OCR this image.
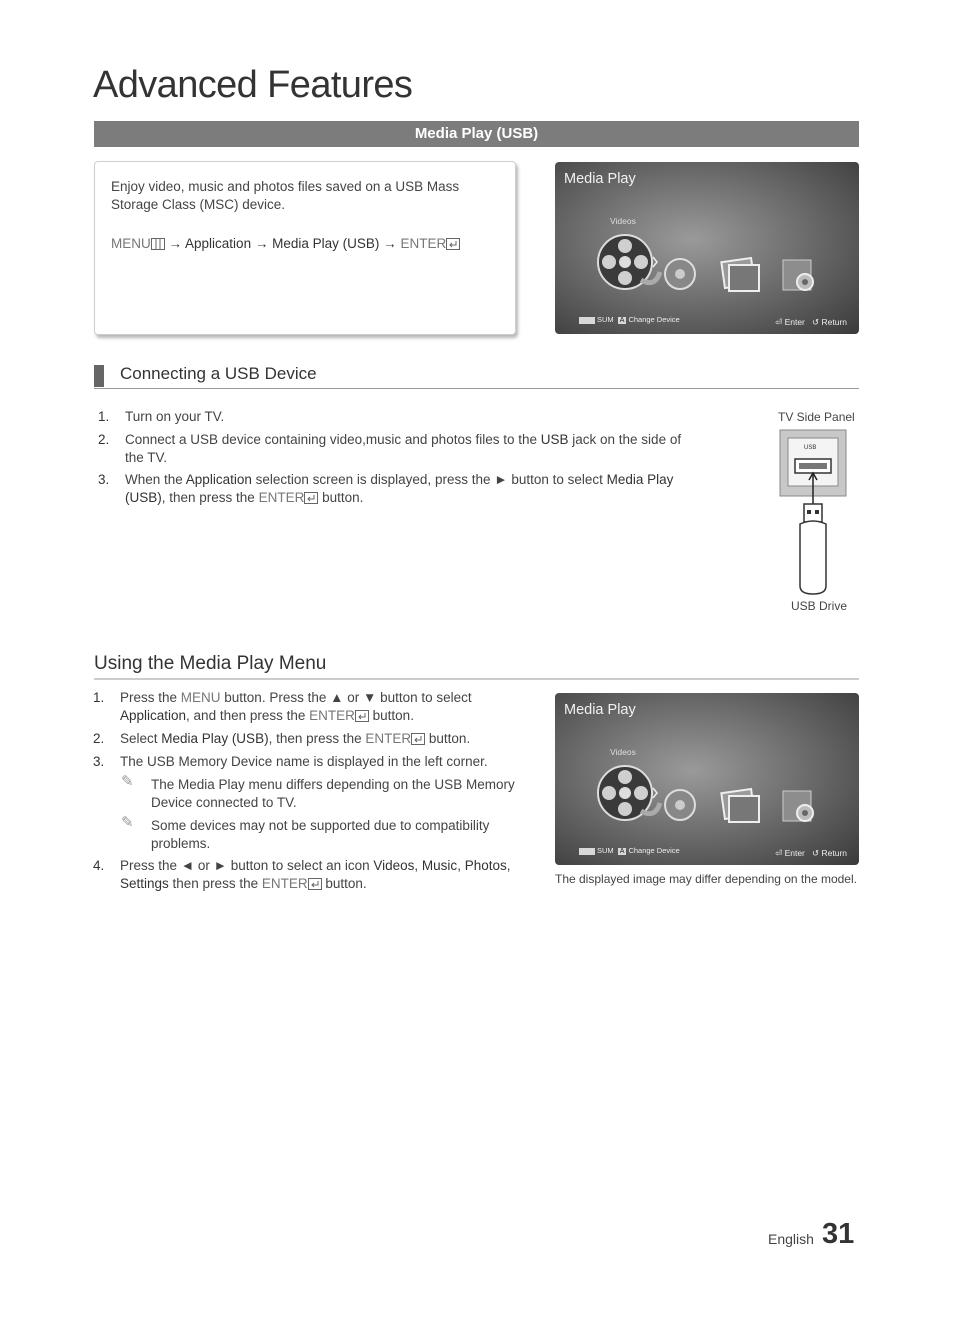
Advanced Features
Media Play (USB)
Enjoy video, music and photos files saved on a USB Mass Storage Class (MSC) device.
MENU → Application → Media Play (USB) → ENTER
Media Play
Videos
SUM A Change Device	⏎ Enter ↺ Return
Connecting a USB Device
1. Turn on your TV.
2. Connect a USB device containing video,music and photos files to the USB jack on the side of the TV.
3. When the Application selection screen is displayed, press the ► button to select Media Play (USB), then press the ENTER button.
TV Side Panel
USB
USB Drive
Using the Media Play Menu
1. Press the MENU button. Press the ▲ or ▼ button to select Application, and then press the ENTER button.
2. Select Media Play (USB), then press the ENTER button.
3. The USB Memory Device name is displayed in the left corner.
✎ The Media Play menu differs depending on the USB Memory Device connected to TV.
✎ Some devices may not be supported due to compatibility problems.
4. Press the ◄ or ► button to select an icon Videos, Music, Photos,
Settings then press the ENTER button.
Media Play
Videos
SUM A Change Device	⏎ Enter ↺ Return
The displayed image may differ depending on the model.
English 31
